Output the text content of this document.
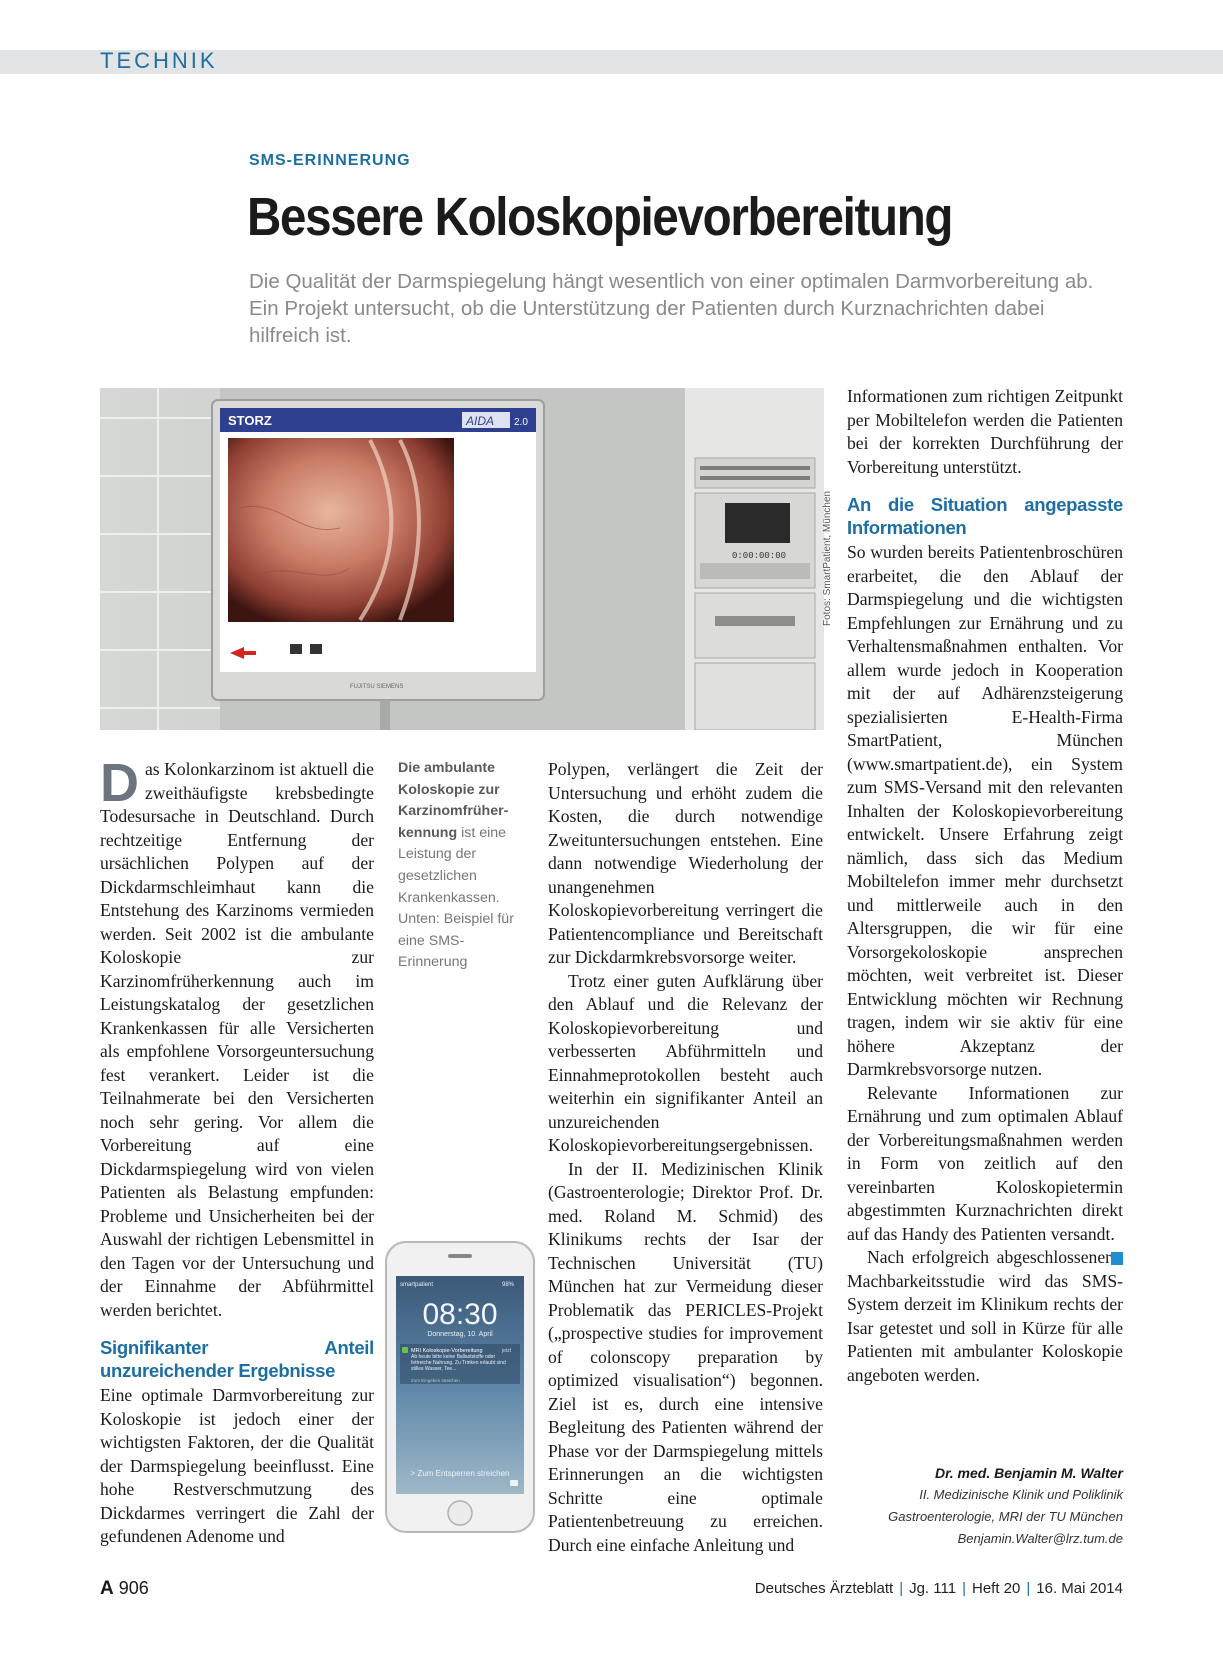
TECHNIK
SMS-ERINNERUNG
Bessere Koloskopievorbereitung
Die Qualität der Darmspiegelung hängt wesentlich von einer optimalen Darmvorbereitung ab. Ein Projekt untersucht, ob die Unterstützung der Patienten durch Kurznachrichten dabei hilfreich ist.
0:00:00:00
STORZ	AIDA 2.0
FUJITSU SIEMENS
Fotos: SmartPatient, München

Das Kolonkarzinom ist aktuell die zweithäufigste krebsbedingte Todesursache in Deutschland. Durch rechtzeitige Entfernung der ursächlichen Polypen auf der Dickdarmschleimhaut kann die Entstehung des Karzinoms vermieden werden. Seit 2002 ist die ambulante Koloskopie zur Karzinomfrüherkennung auch im Leistungskatalog der gesetzlichen Krankenkassen für alle Versicherten als empfohlene Vorsorgeuntersuchung fest verankert. Leider ist die Teilnahmerate bei den Versicherten noch sehr gering. Vor allem die Vorbereitung auf eine Dickdarmspiegelung wird von vielen Patienten als Belastung empfunden: Probleme und Unsicherheiten bei der Auswahl der richtigen Lebensmittel in den Tagen vor der Untersuchung und der Einnahme der Abführmittel werden berichtet.

Signifikanter Anteil unzureichender Ergebnisse

Eine optimale Darmvorbereitung zur Koloskopie ist jedoch einer der wichtigsten Faktoren, der die Qualität der Darmspiegelung beeinflusst. Eine hohe Restverschmutzung des Dickdarmes verringert die Zahl der gefundenen Adenome und

Die ambulante Koloskopie zur Karzinomfrüherkennung ist eine Leistung der gesetzlichen Krankenkassen. Unten: Beispiel für eine SMS-Erinnerung
smartpatient	98%
08:30
Donnerstag, 10. April
MRI Koloskopie-Vorbereitung	jetzt
Ab heute bitte keine Ballaststoffe oder fettreiche Nahrung. Zu Trinken erlaubt sind stilles Wasser, Tee...
Zum Eingeben streichen
> Zum Entsperren streichen

Polypen, verlängert die Zeit der Untersuchung und erhöht zudem die Kosten, die durch notwendige Zweituntersuchungen entstehen. Eine dann notwendige Wiederholung der unangenehmen Koloskopievorbereitung verringert die Patientencompliance und Bereitschaft zur Dickdarmkrebsvorsorge weiter.

Trotz einer guten Aufklärung über den Ablauf und die Relevanz der Koloskopievorbereitung und verbesserten Abführmitteln und Einnahmeprotokollen besteht auch weiterhin ein signifikanter Anteil an unzureichenden Koloskopievorbereitungsergebnissen.

In der II. Medizinischen Klinik (Gastroenterologie; Direktor Prof. Dr. med. Roland M. Schmid) des Klinikums rechts der Isar der Technischen Universität (TU) München hat zur Vermeidung dieser Problematik das PERICLES-Projekt („prospective studies for improvement of colonscopy preparation by optimized visualisation“) begonnen. Ziel ist es, durch eine intensive Begleitung des Patienten während der Phase vor der Darmspiegelung mittels Erinnerungen an die wichtigsten Schritte eine optimale Patientenbetreuung zu erreichen. Durch eine einfache Anleitung und

Informationen zum richtigen Zeitpunkt per Mobiltelefon werden die Patienten bei der korrekten Durchführung der Vorbereitung unterstützt.

An die Situation angepasste Informationen

So wurden bereits Patientenbroschüren erarbeitet, die den Ablauf der Darmspiegelung und die wichtigsten Empfehlungen zur Ernährung und zu Verhaltensmaßnahmen enthalten. Vor allem wurde jedoch in Kooperation mit der auf Adhärenzsteigerung spezialisierten E-Health-Firma SmartPatient, München (www.smartpatient.de), ein System zum SMS-Versand mit den relevanten Inhalten der Koloskopievorbereitung entwickelt. Unsere Erfahrung zeigt nämlich, dass sich das Medium Mobiltelefon immer mehr durchsetzt und mittlerweile auch in den Altersgruppen, die wir für eine Vorsorgekoloskopie ansprechen möchten, weit verbreitet ist. Dieser Entwicklung möchten wir Rechnung tragen, indem wir sie aktiv für eine höhere Akzeptanz der Darmkrebsvorsorge nutzen.

Relevante Informationen zur Ernährung und zum optimalen Ablauf der Vorbereitungsmaßnahmen werden in Form von zeitlich auf den vereinbarten Koloskopietermin abgestimmten Kurznachrichten direkt auf das Handy des Patienten versandt.

Nach erfolgreich abgeschlossener Machbarkeitsstudie wird das SMS-System derzeit im Klinikum rechts der Isar getestet und soll in Kürze für alle Patienten mit ambulanter Koloskopie angeboten werden.

Dr. med. Benjamin M. Walter
II. Medizinische Klinik und Poliklinik
Gastroenterologie, MRI der TU München
Benjamin.Walter@lrz.tum.de
A 906	Deutsches Ärzteblatt | Jg. 111 | Heft 20 | 16. Mai 2014
